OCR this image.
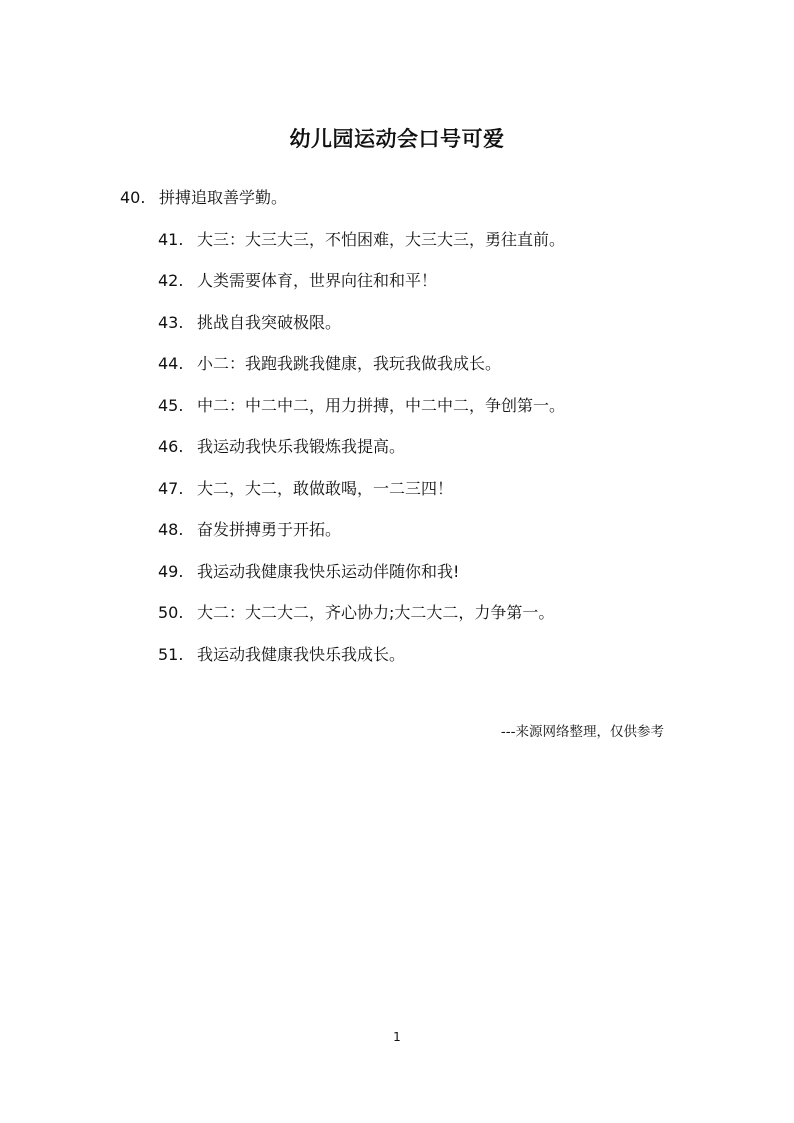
幼儿园运动会口号可爱
40. 拼搏追取善学勤。
41. 大三：大三大三，不怕困难，大三大三，勇往直前。
42. 人类需要体育，世界向往和和平！
43. 挑战自我突破极限。
44. 小二：我跑我跳我健康，我玩我做我成长。
45. 中二：中二中二，用力拼搏，中二中二，争创第一。
46. 我运动我快乐我锻炼我提高。
47. 大二，大二，敢做敢喝，一二三四！
48. 奋发拼搏勇于开拓。
49. 我运动我健康我快乐运动伴随你和我!
50. 大二：大二大二，齐心协力;大二大二，力争第一。
51. 我运动我健康我快乐我成长。
---来源网络整理，仅供参考
1
